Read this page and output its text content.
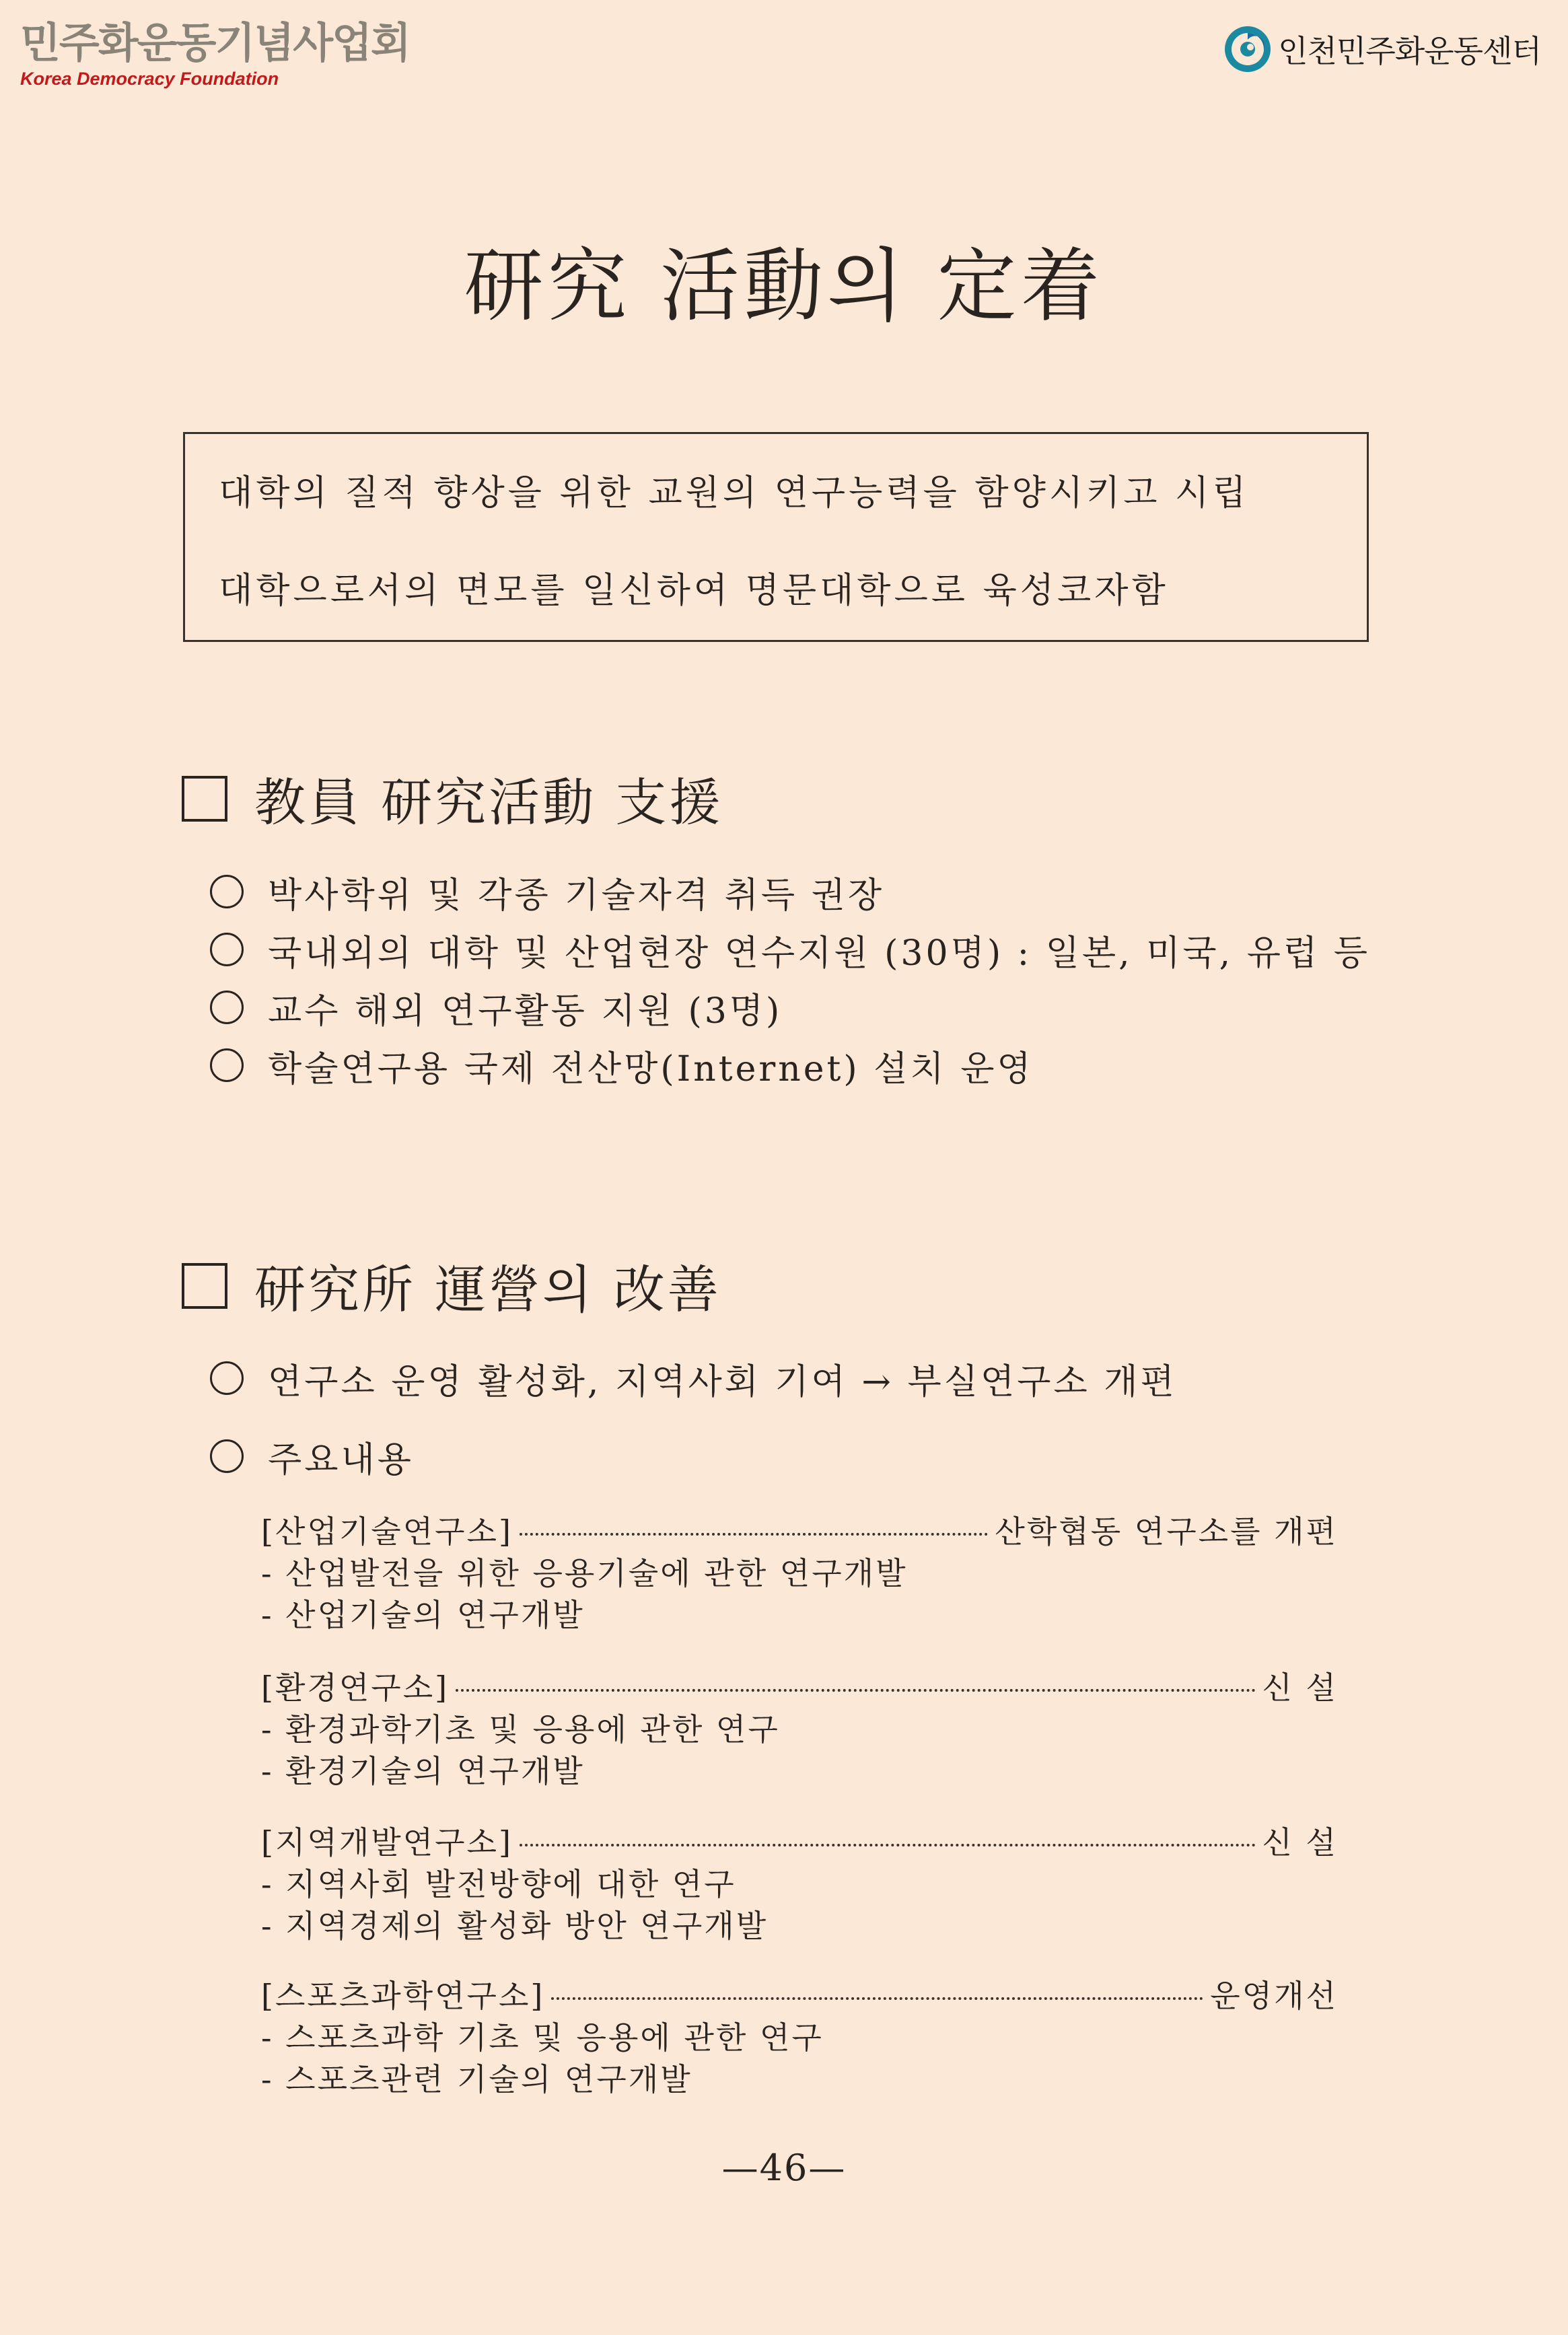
민주화운동기념사업회
Korea Democracy Foundation
인천민주화운동센터
研究 活動의 定着

대학의 질적 향상을 위한 교원의 연구능력을 함양시키고 시립

대학으로서의 면모를 일신하여 명문대학으로 육성코자함

教員 研究活動 支援
박사학위 및 각종 기술자격 취득 권장
국내외의 대학 및 산업현장 연수지원 (30명) : 일본, 미국, 유럽 등
교수 해외 연구활동 지원 (3명)
학술연구용 국제 전산망(Internet) 설치 운영
研究所 運營의 改善
연구소 운영 활성화, 지역사회 기여 → 부실연구소 개편
주요내용
[산업기술연구소]	산학협동 연구소를 개편
- 산업발전을 위한 응용기술에 관한 연구개발
- 산업기술의 연구개발
[환경연구소]	신 설
- 환경과학기초 및 응용에 관한 연구
- 환경기술의 연구개발
[지역개발연구소]	신 설
- 지역사회 발전방향에 대한 연구
- 지역경제의 활성화 방안 연구개발
[스포츠과학연구소]	운영개선
- 스포츠과학 기초 및 응용에 관한 연구
- 스포츠관련 기술의 연구개발
—46—
